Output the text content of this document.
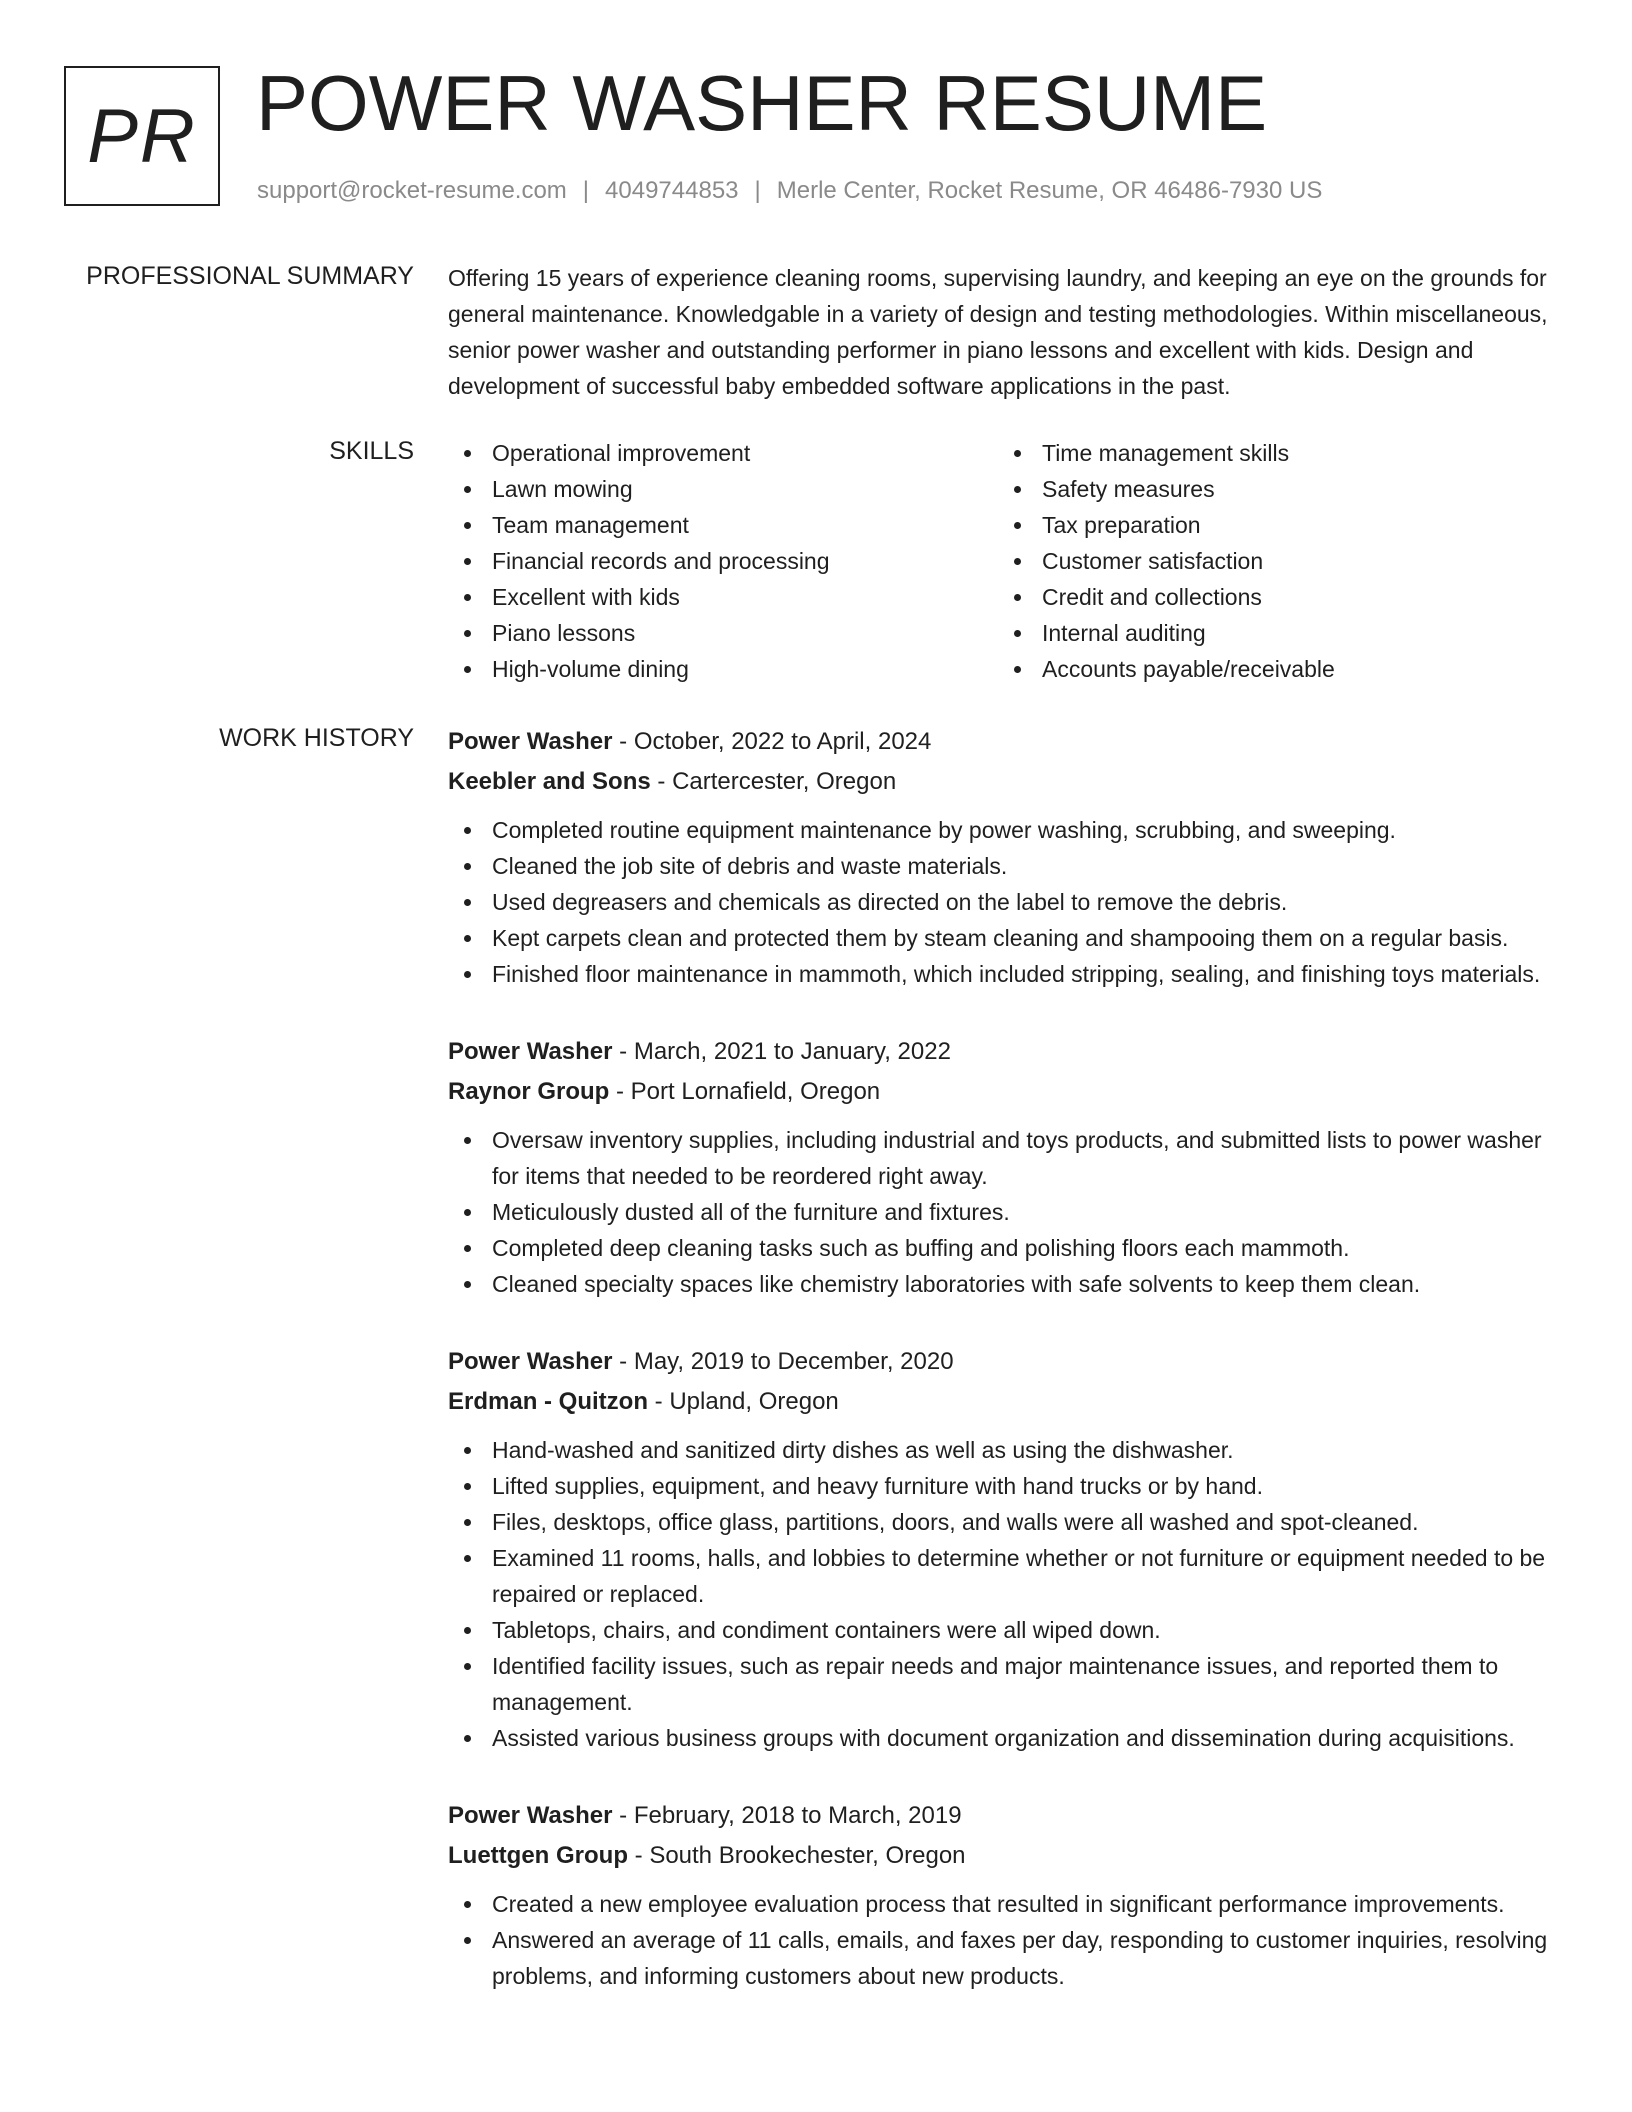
PR POWER WASHER RESUME
support@rocket-resume.com | 4049744853 | Merle Center, Rocket Resume, OR 46486-7930 US
PROFESSIONAL SUMMARY Offering 15 years of experience cleaning rooms, supervising laundry, and keeping an eye on the grounds for general maintenance. Knowledgable in a variety of design and testing methodologies. Within miscellaneous, senior power washer and outstanding performer in piano lessons and excellent with kids. Design and development of successful baby embedded software applications in the past.

SKILLS	Operational improvement
Lawn mowing
Team management
Financial records and processing
Excellent with kids
Piano lessons
High-volume dining
Time management skills
Safety measures
Tax preparation
Customer satisfaction
Credit and collections
Internal auditing
Accounts payable/receivable
WORK HISTORY Power Washer - October, 2022 to April, 2024
Keebler and Sons - Cartercester, Oregon
Completed routine equipment maintenance by power washing, scrubbing, and sweeping.
Cleaned the job site of debris and waste materials.
Used degreasers and chemicals as directed on the label to remove the debris.
Kept carpets clean and protected them by steam cleaning and shampooing them on a regular basis.
Finished floor maintenance in mammoth, which included stripping, sealing, and finishing toys materials.
Power Washer - March, 2021 to January, 2022
Raynor Group - Port Lornafield, Oregon
Oversaw inventory supplies, including industrial and toys products, and submitted lists to power washer for items that needed to be reordered right away.
Meticulously dusted all of the furniture and fixtures.
Completed deep cleaning tasks such as buffing and polishing floors each mammoth.
Cleaned specialty spaces like chemistry laboratories with safe solvents to keep them clean.
Power Washer - May, 2019 to December, 2020
Erdman - Quitzon - Upland, Oregon
Hand-washed and sanitized dirty dishes as well as using the dishwasher.
Lifted supplies, equipment, and heavy furniture with hand trucks or by hand.
Files, desktops, office glass, partitions, doors, and walls were all washed and spot-cleaned.
Examined 11 rooms, halls, and lobbies to determine whether or not furniture or equipment needed to be repaired or replaced.
Tabletops, chairs, and condiment containers were all wiped down.
Identified facility issues, such as repair needs and major maintenance issues, and reported them to management.
Assisted various business groups with document organization and dissemination during acquisitions.
Power Washer - February, 2018 to March, 2019
Luettgen Group - South Brookechester, Oregon
Created a new employee evaluation process that resulted in significant performance improvements.
Answered an average of 11 calls, emails, and faxes per day, responding to customer inquiries, resolving problems, and informing customers about new products.
